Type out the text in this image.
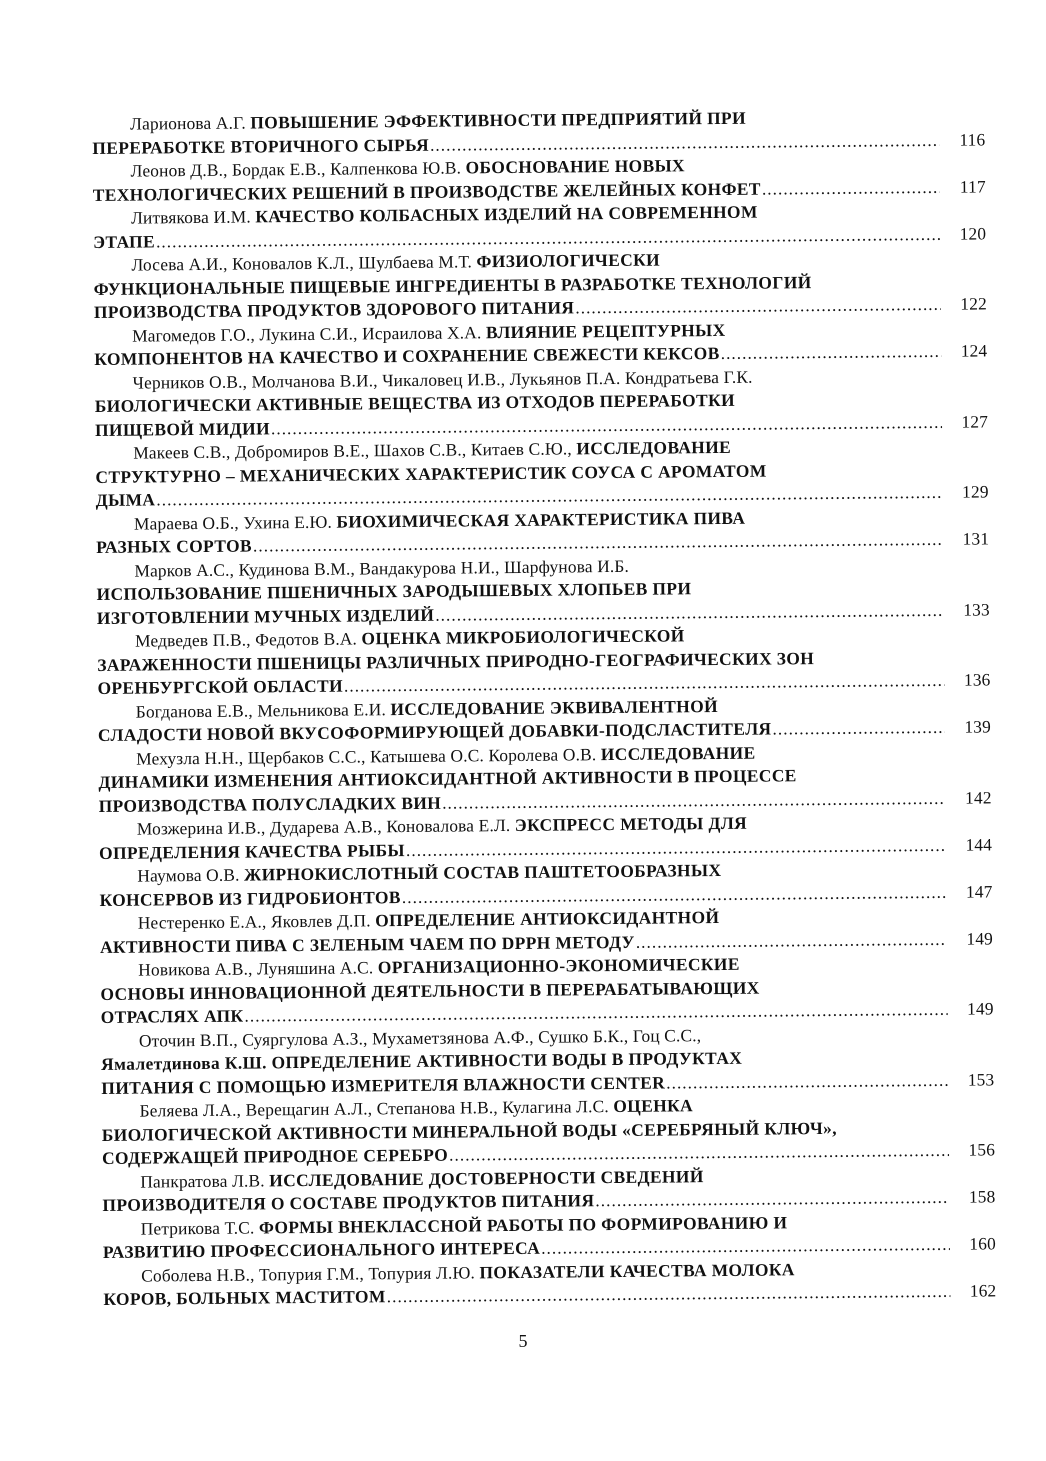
Ларионова А.Г. ПОВЫШЕНИЕ ЭФФЕКТИВНОСТИ ПРЕДПРИЯТИЙ ПРИ
ПЕРЕРАБОТКЕ ВТОРИЧНОГО СЫРЬЯ .....	116
Леонов Д.В., Бордак Е.В., Калпенкова Ю.В. ОБОСНОВАНИЕ НОВЫХ
ТЕХНОЛОГИЧЕСКИХ РЕШЕНИЙ В ПРОИЗВОДСТВЕ ЖЕЛЕЙНЫХ КОНФЕТ .....	117
Литвякова И.М. КАЧЕСТВО КОЛБАСНЫХ ИЗДЕЛИЙ НА СОВРЕМЕННОМ
ЭТАПЕ .....	120
Лосева А.И., Коновалов К.Л., Шулбаева М.Т. ФИЗИОЛОГИЧЕСКИ
ФУНКЦИОНАЛЬНЫЕ ПИЩЕВЫЕ ИНГРЕДИЕНТЫ В РАЗРАБОТКЕ ТЕХНОЛОГИЙ
ПРОИЗВОДСТВА ПРОДУКТОВ ЗДОРОВОГО ПИТАНИЯ .....	122
Магомедов Г.О., Лукина С.И., Исраилова Х.А. ВЛИЯНИЕ РЕЦЕПТУРНЫХ
КОМПОНЕНТОВ НА КАЧЕСТВО И СОХРАНЕНИЕ СВЕЖЕСТИ КЕКСОВ .....	124
Черников О.В., Молчанова В.И., Чикаловец И.В., Лукьянов П.А. Кондратьева Г.К.
БИОЛОГИЧЕСКИ АКТИВНЫЕ ВЕЩЕСТВА ИЗ ОТХОДОВ ПЕРЕРАБОТКИ
ПИЩЕВОЙ МИДИИ .....	127
Макеев С.В., Добромиров В.Е., Шахов С.В., Китаев С.Ю., ИССЛЕДОВАНИЕ
СТРУКТУРНО – МЕХАНИЧЕСКИХ ХАРАКТЕРИСТИК СОУСА С АРОМАТОМ
ДЫМА .....	129
Мараева О.Б., Ухина Е.Ю. БИОХИМИЧЕСКАЯ ХАРАКТЕРИСТИКА ПИВА
РАЗНЫХ СОРТОВ .....	131
Марков А.С., Кудинова В.М., Вандакурова Н.И., Шарфунова И.Б.
ИСПОЛЬЗОВАНИЕ ПШЕНИЧНЫХ ЗАРОДЫШЕВЫХ ХЛОПЬЕВ ПРИ
ИЗГОТОВЛЕНИИ МУЧНЫХ ИЗДЕЛИЙ .....	133
Медведев П.В., Федотов В.А. ОЦЕНКА МИКРОБИОЛОГИЧЕСКОЙ
ЗАРАЖЕННОСТИ ПШЕНИЦЫ РАЗЛИЧНЫХ ПРИРОДНО-ГЕОГРАФИЧЕСКИХ ЗОН
ОРЕНБУРГСКОЙ ОБЛАСТИ .....	136
Богданова Е.В., Мельникова Е.И. ИССЛЕДОВАНИЕ ЭКВИВАЛЕНТНОЙ
СЛАДОСТИ НОВОЙ ВКУСОФОРМИРУЮЩЕЙ ДОБАВКИ-ПОДСЛАСТИТЕЛЯ .....	139
Мехузла Н.Н., Щербаков С.С., Катышева О.С. Королева О.В. ИССЛЕДОВАНИЕ
ДИНАМИКИ ИЗМЕНЕНИЯ АНТИОКСИДАНТНОЙ АКТИВНОСТИ В ПРОЦЕССЕ
ПРОИЗВОДСТВА ПОЛУСЛАДКИХ ВИН .....	142
Мозжерина И.В., Дударева А.В., Коновалова Е.Л. ЭКСПРЕСС МЕТОДЫ ДЛЯ
ОПРЕДЕЛЕНИЯ КАЧЕСТВА РЫБЫ .....	144
Наумова О.В. ЖИРНОКИСЛОТНЫЙ СОСТАВ ПАШТЕТООБРАЗНЫХ
КОНСЕРВОВ ИЗ ГИДРОБИОНТОВ .....	147
Нестеренко Е.А., Яковлев Д.П. ОПРЕДЕЛЕНИЕ АНТИОКСИДАНТНОЙ
АКТИВНОСТИ ПИВА С ЗЕЛЕНЫМ ЧАЕМ ПО DPPH МЕТОДУ .....	149
Новикова А.В., Луняшина А.С. ОРГАНИЗАЦИОННО-ЭКОНОМИЧЕСКИЕ
ОСНОВЫ ИННОВАЦИОННОЙ ДЕЯТЕЛЬНОСТИ В ПЕРЕРАБАТЫВАЮЩИХ
ОТРАСЛЯХ АПК .....	149
Оточин В.П., Суяргулова А.З., Мухаметзянова А.Ф., Сушко Б.К., Гоц С.С.,
Ямалетдинова К.Ш. ОПРЕДЕЛЕНИЕ АКТИВНОСТИ ВОДЫ В ПРОДУКТАХ
ПИТАНИЯ С ПОМОЩЬЮ ИЗМЕРИТЕЛЯ ВЛАЖНОСТИ CENTER .....	153
Беляева Л.А., Верещагин А.Л., Степанова Н.В., Кулагина Л.С. ОЦЕНКА
БИОЛОГИЧЕСКОЙ АКТИВНОСТИ МИНЕРАЛЬНОЙ ВОДЫ «СЕРЕБРЯНЫЙ КЛЮЧ»,
СОДЕРЖАЩЕЙ ПРИРОДНОЕ СЕРЕБРО .....	156
Панкратова Л.В. ИССЛЕДОВАНИЕ ДОСТОВЕРНОСТИ СВЕДЕНИЙ
ПРОИЗВОДИТЕЛЯ О СОСТАВЕ ПРОДУКТОВ ПИТАНИЯ .....	158
Петрикова Т.С. ФОРМЫ ВНЕКЛАССНОЙ РАБОТЫ ПО ФОРМИРОВАНИЮ И
РАЗВИТИЮ ПРОФЕССИОНАЛЬНОГО ИНТЕРЕСА .....	160
Соболева Н.В., Топурия Г.М., Топурия Л.Ю. ПОКАЗАТЕЛИ КАЧЕСТВА МОЛОКА
КОРОВ, БОЛЬНЫХ МАСТИТОМ .....	162
5
